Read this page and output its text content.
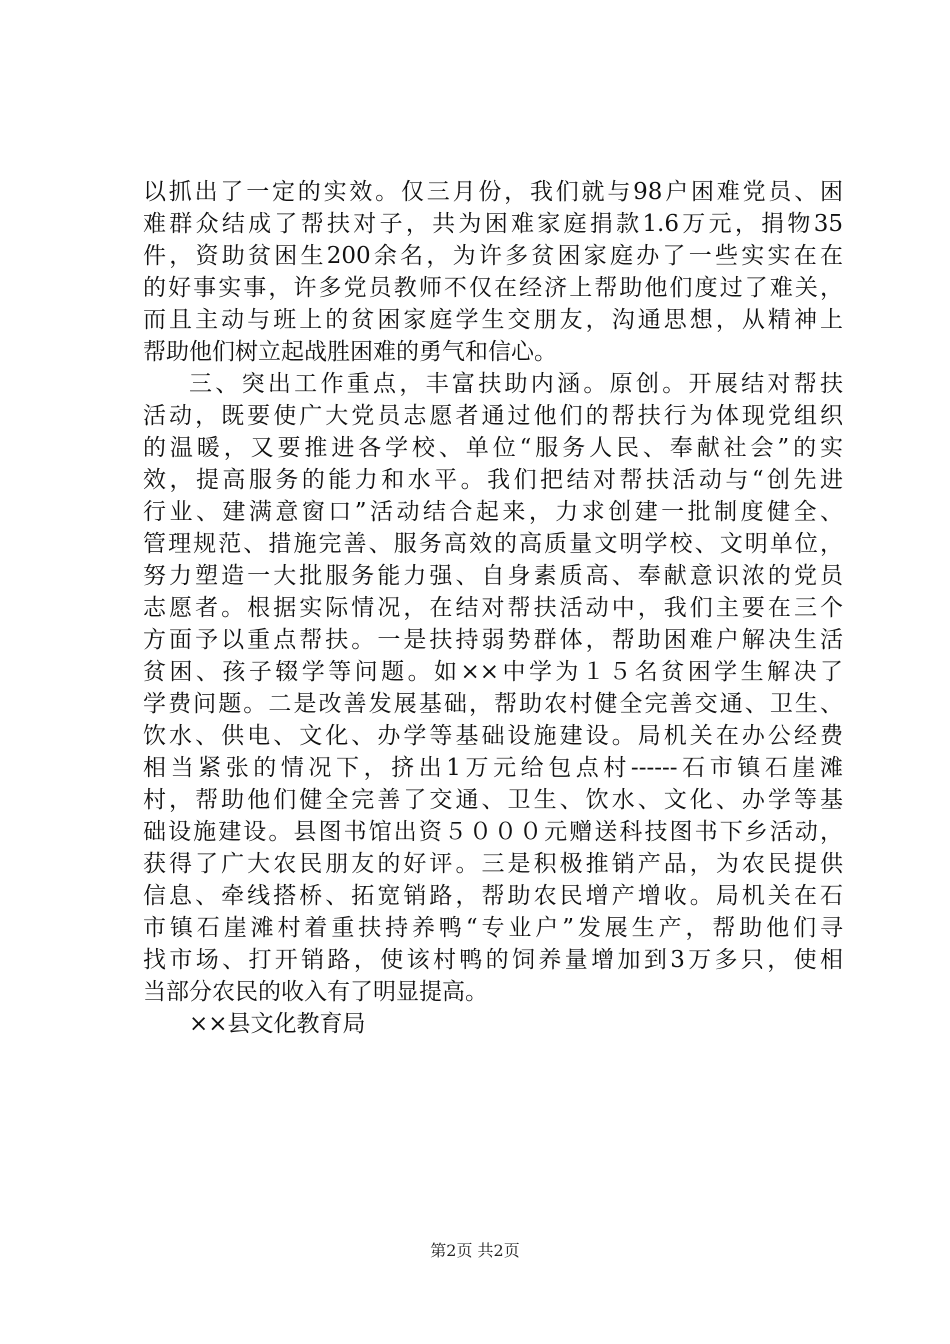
以抓出了一定的实效。仅三月份，我们就与98户困难党员、困
难群众结成了帮扶对子，共为困难家庭捐款1.6万元，捐物35
件，资助贫困生200余名，为许多贫困家庭办了一些实实在在
的好事实事，许多党员教师不仅在经济上帮助他们度过了难关，
而且主动与班上的贫困家庭学生交朋友，沟通思想，从精神上
帮助他们树立起战胜困难的勇气和信心。
三、突出工作重点，丰富扶助内涵。原创。开展结对帮扶
活动，既要使广大党员志愿者通过他们的帮扶行为体现党组织
的温暖，又要推进各学校、单位“服务人民、奉献社会”的实
效，提高服务的能力和水平。我们把结对帮扶活动与“创先进
行业、建满意窗口”活动结合起来，力求创建一批制度健全、
管理规范、措施完善、服务高效的高质量文明学校、文明单位，
努力塑造一大批服务能力强、自身素质高、奉献意识浓的党员
志愿者。根据实际情况，在结对帮扶活动中，我们主要在三个
方面予以重点帮扶。一是扶持弱势群体，帮助困难户解决生活
贫困、孩子辍学等问题。如××中学为１５名贫困学生解决了
学费问题。二是改善发展基础，帮助农村健全完善交通、卫生、
饮水、供电、文化、办学等基础设施建设。局机关在办公经费
相当紧张的情况下，挤出1万元给包点村------石市镇石崖滩
村，帮助他们健全完善了交通、卫生、饮水、文化、办学等基
础设施建设。县图书馆出资５０００元赠送科技图书下乡活动，
获得了广大农民朋友的好评。三是积极推销产品，为农民提供
信息、牵线搭桥、拓宽销路，帮助农民增产增收。局机关在石
市镇石崖滩村着重扶持养鸭“专业户”发展生产，帮助他们寻
找市场、打开销路，使该村鸭的饲养量增加到3万多只，使相
当部分农民的收入有了明显提高。
××县文化教育局
第2页 共2页
